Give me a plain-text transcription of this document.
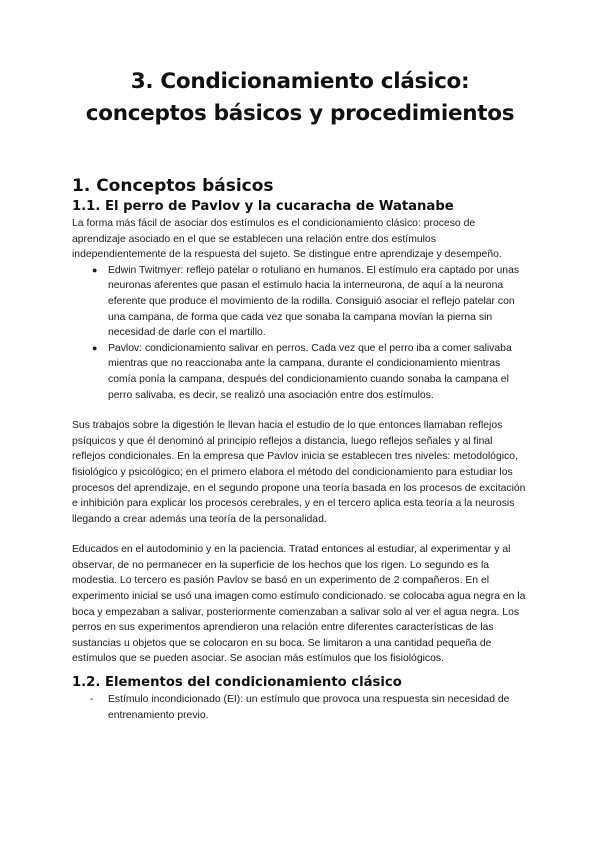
3. Condicionamiento clásico:
conceptos básicos y procedimientos
1. Conceptos básicos
1.1. El perro de Pavlov y la cucaracha de Watanabe

La forma más fácil de asociar dos estímulos es el condicionamiento clásico: proceso de aprendizaje asociado en el que se establecen una relación entre dos estímulos independientemente de la respuesta del sujeto. Se distingue entre aprendizaje y desempeño.

● Edwin Twitmyer: reflejo patelar o rotuliano en humanos. El estímulo era captado por unas neuronas aferentes que pasan el estímulo hacia la interneurona, de aquí a la neurona eferente que produce el movimiento de la rodilla. Consiguió asociar el reflejo patelar con una campana, de forma que cada vez que sonaba la campana movían la pierna sin necesidad de darle con el martillo.
● Pavlov: condicionamiento salivar en perros. Cada vez que el perro iba a comer salivaba mientras que no reaccionaba ante la campana, durante el condicionamiento mientras comía ponía la campana, después del condicionamiento cuando sonaba la campana el perro salivaba, es decir, se realizó una asociación entre dos estímulos.

Sus trabajos sobre la digestión le llevan hacia el estudio de lo que entonces llamaban reflejos psíquicos y que él denominó al principio reflejos a distancia, luego reflejos señales y al final reflejos condicionales. En la empresa que Pavlov inicia se establecen tres niveles: metodológico, fisiológico y psicológico; en el primero elabora el método del condicionamiento para estudiar los procesos del aprendizaje, en el segundo propone una teoría basada en los procesos de excitación e inhibición para explicar los procesos cerebrales, y en el tercero aplica esta teoría a la neurosis llegando a crear además una teoría de la personalidad.

Educados en el autodominio y en la paciencia. Tratad entonces al estudiar, al experimentar y al observar, de no permanecer en la superficie de los hechos que los rigen. Lo segundo es la modestia. Lo tercero es pasión Pavlov se basó en un experimento de 2 compañeros. En el experimento inicial se usó una imagen como estímulo condicionado. se colocaba agua negra en la boca y empezaban a salivar, posteriormente comenzaban a salivar solo al ver el agua negra. Los perros en sus experimentos aprendieron una relación entre diferentes características de las sustancias u objetos que se colocaron en su boca. Se limitaron a una cantidad pequeña de estímulos que se pueden asociar. Se asocian más estímulos que los fisiológicos.

1.2. Elementos del condicionamiento clásico
- Estímulo incondicionado (EI): un estímulo que provoca una respuesta sin necesidad de entrenamiento previo.
